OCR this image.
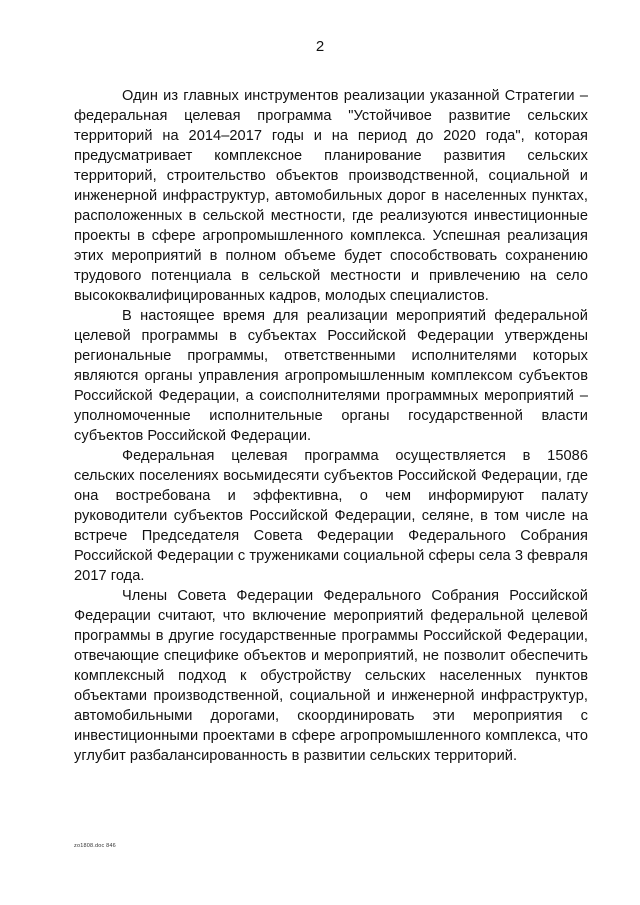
2

Один из главных инструментов реализации указанной Стратегии – федеральная целевая программа "Устойчивое развитие сельских территорий на 2014–2017 годы и на период до 2020 года", которая предусматривает комплексное планирование развития сельских территорий, строительство объектов производственной, социальной и инженерной инфраструктур, автомобильных дорог в населенных пунктах, расположенных в сельской местности, где реализуются инвестиционные проекты в сфере агропромышленного комплекса. Успешная реализация этих мероприятий в полном объеме будет способствовать сохранению трудового потенциала в сельской местности и привлечению на село высококвалифицированных кадров, молодых специалистов.

В настоящее время для реализации мероприятий федеральной целевой программы в субъектах Российской Федерации утверждены региональные программы, ответственными исполнителями которых являются органы управления агропромышленным комплексом субъектов Российской Федерации, а соисполнителями программных мероприятий – уполномоченные исполнительные органы государственной власти субъектов Российской Федерации.

Федеральная целевая программа осуществляется в 15086 сельских поселениях восьмидесяти субъектов Российской Федерации, где она востребована и эффективна, о чем информируют палату руководители субъектов Российской Федерации, селяне, в том числе на встрече Председателя Совета Федерации Федерального Собрания Российской Федерации с тружениками социальной сферы села 3 февраля 2017 года.

Члены Совета Федерации Федерального Собрания Российской Федерации считают, что включение мероприятий федеральной целевой программы в другие государственные программы Российской Федерации, отвечающие специфике объектов и мероприятий, не позволит обеспечить комплексный подход к обустройству сельских населенных пунктов объектами производственной, социальной и инженерной инфраструктур, автомобильными дорогами, скоординировать эти мероприятия с инвестиционными проектами в сфере агропромышленного комплекса, что углубит разбалансированность в развитии сельских территорий.

zo1808.doc 846
